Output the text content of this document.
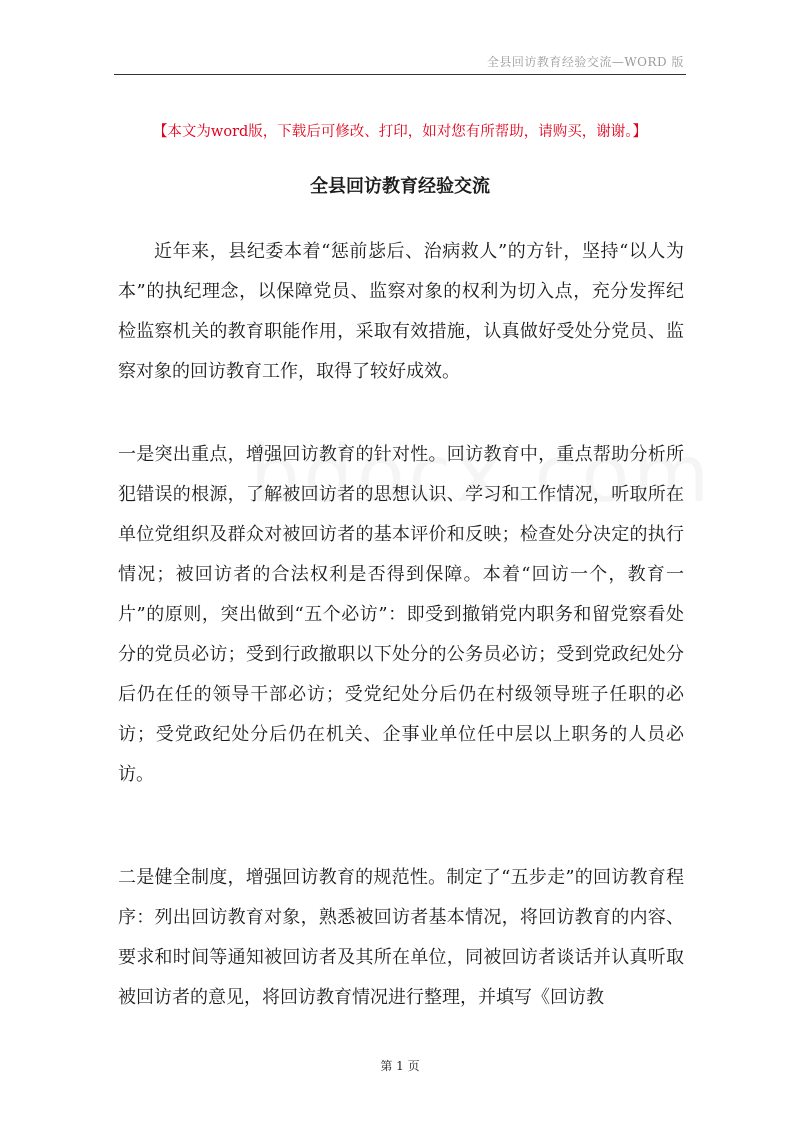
全县回访教育经验交流—WORD 版
【本文为word版，下载后可修改、打印，如对您有所帮助，请购买，谢谢。】
全县回访教育经验交流

近年来，县纪委本着“惩前毖后、治病救人”的方针，坚持“以人为本”的执纪理念，以保障党员、监察对象的权利为切入点，充分发挥纪检监察机关的教育职能作用，采取有效措施，认真做好受处分党员、监察对象的回访教育工作，取得了较好成效。

一是突出重点，增强回访教育的针对性。回访教育中，重点帮助分析所犯错误的根源，了解被回访者的思想认识、学习和工作情况，听取所在单位党组织及群众对被回访者的基本评价和反映；检查处分决定的执行情况；被回访者的合法权利是否得到保障。本着“回访一个，教育一片”的原则，突出做到“五个必访”：即受到撤销党内职务和留党察看处分的党员必访；受到行政撤职以下处分的公务员必访；受到党政纪处分后仍在任的领导干部必访；受党纪处分后仍在村级领导班子任职的必访；受党政纪处分后仍在机关、企事业单位任中层以上职务的人员必访。

二是健全制度，增强回访教育的规范性。制定了“五步走”的回访教育程序：列出回访教育对象，熟悉被回访者基本情况，将回访教育的内容、要求和时间等通知被回访者及其所在单位，同被回访者谈话并认真听取被回访者的意见，将回访教育情况进行整理，并填写《回访教

第 1 页
